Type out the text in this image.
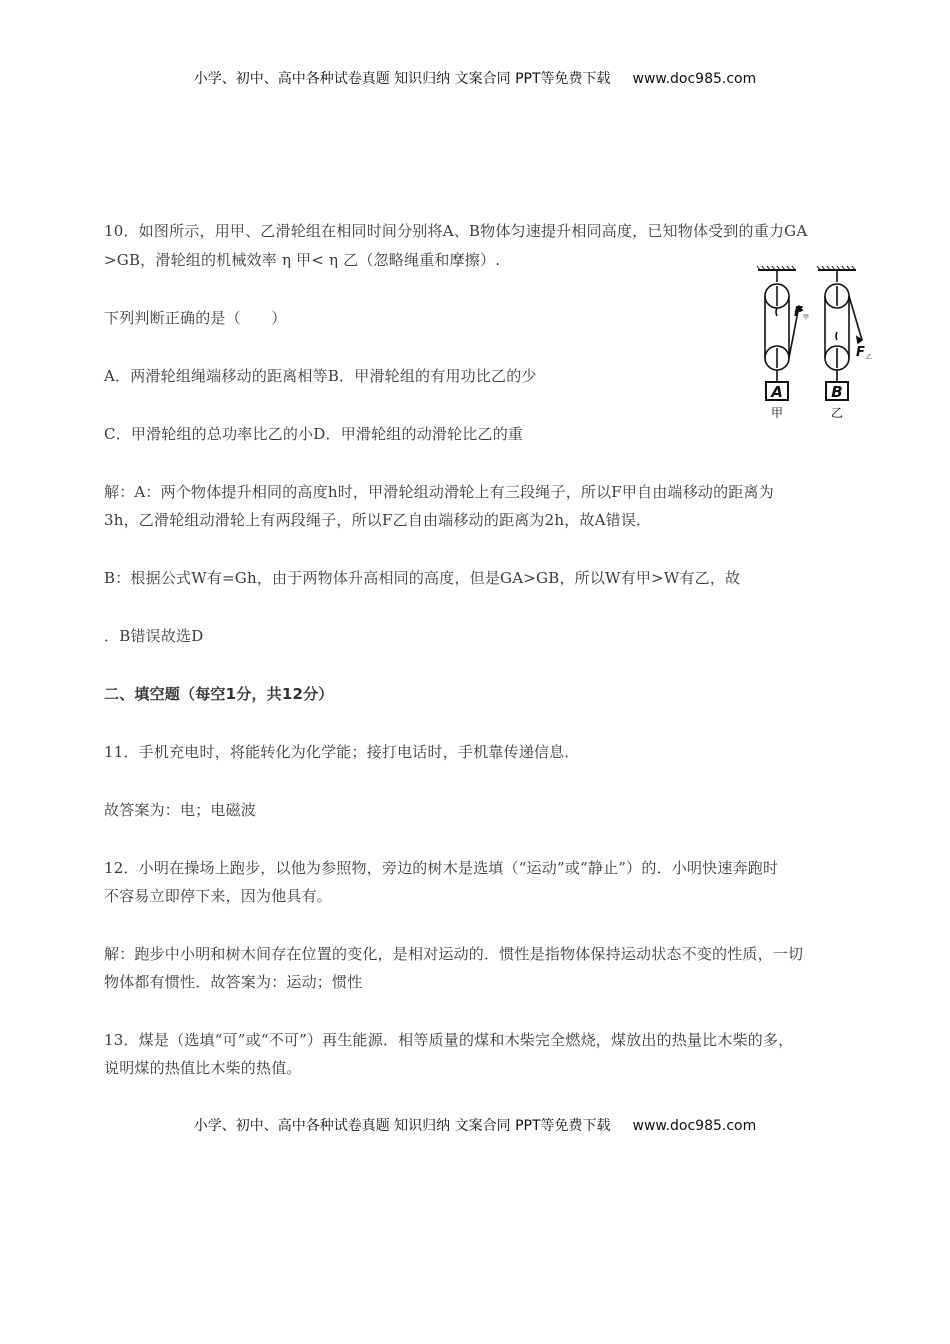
小学、初中、高中各种试卷真题 知识归纳 文案合同 PPT等免费下载 www.doc985.com
10．如图所示，用甲、乙滑轮组在相同时间分别将A、B物体匀速提升相同高度，已知物体受到的重力GA
>GB，滑轮组的机械效率 η 甲< η 乙（忽略绳重和摩擦）.
下列判断正确的是（　　）
A．两滑轮组绳端移动的距离相等B．甲滑轮组的有用功比乙的少
C．甲滑轮组的总功率比乙的小D．甲滑轮组的动滑轮比乙的重
解：A：两个物体提升相同的高度h时，甲滑轮组动滑轮上有三段绳子，所以F甲自由端移动的距离为
3h，乙滑轮组动滑轮上有两段绳子，所以F乙自由端移动的距离为2h，故A错误．
B：根据公式W有=Gh，由于两物体升高相同的高度，但是GA>GB，所以W有甲>W有乙，故
．B错误故选D
二、填空题（每空1分，共12分）
11．手机充电时，将能转化为化学能；接打电话时，手机靠传递信息．
故答案为：电；电磁波
12．小明在操场上跑步，以他为参照物，旁边的树木是选填（“运动”或“静止”）的．小明快速奔跑时
不容易立即停下来，因为他具有。
解：跑步中小明和树木间存在位置的变化，是相对运动的．惯性是指物体保持运动状态不变的性质，一切
物体都有惯性．故答案为：运动；惯性
13．煤是（选填“可”或“不可”）再生能源．相等质量的煤和木柴完全燃烧，煤放出的热量比木柴的多，
说明煤的热值比木柴的热值。
A	B
甲	乙
F 甲
F 乙
小学、初中、高中各种试卷真题 知识归纳 文案合同 PPT等免费下载 www.doc985.com
